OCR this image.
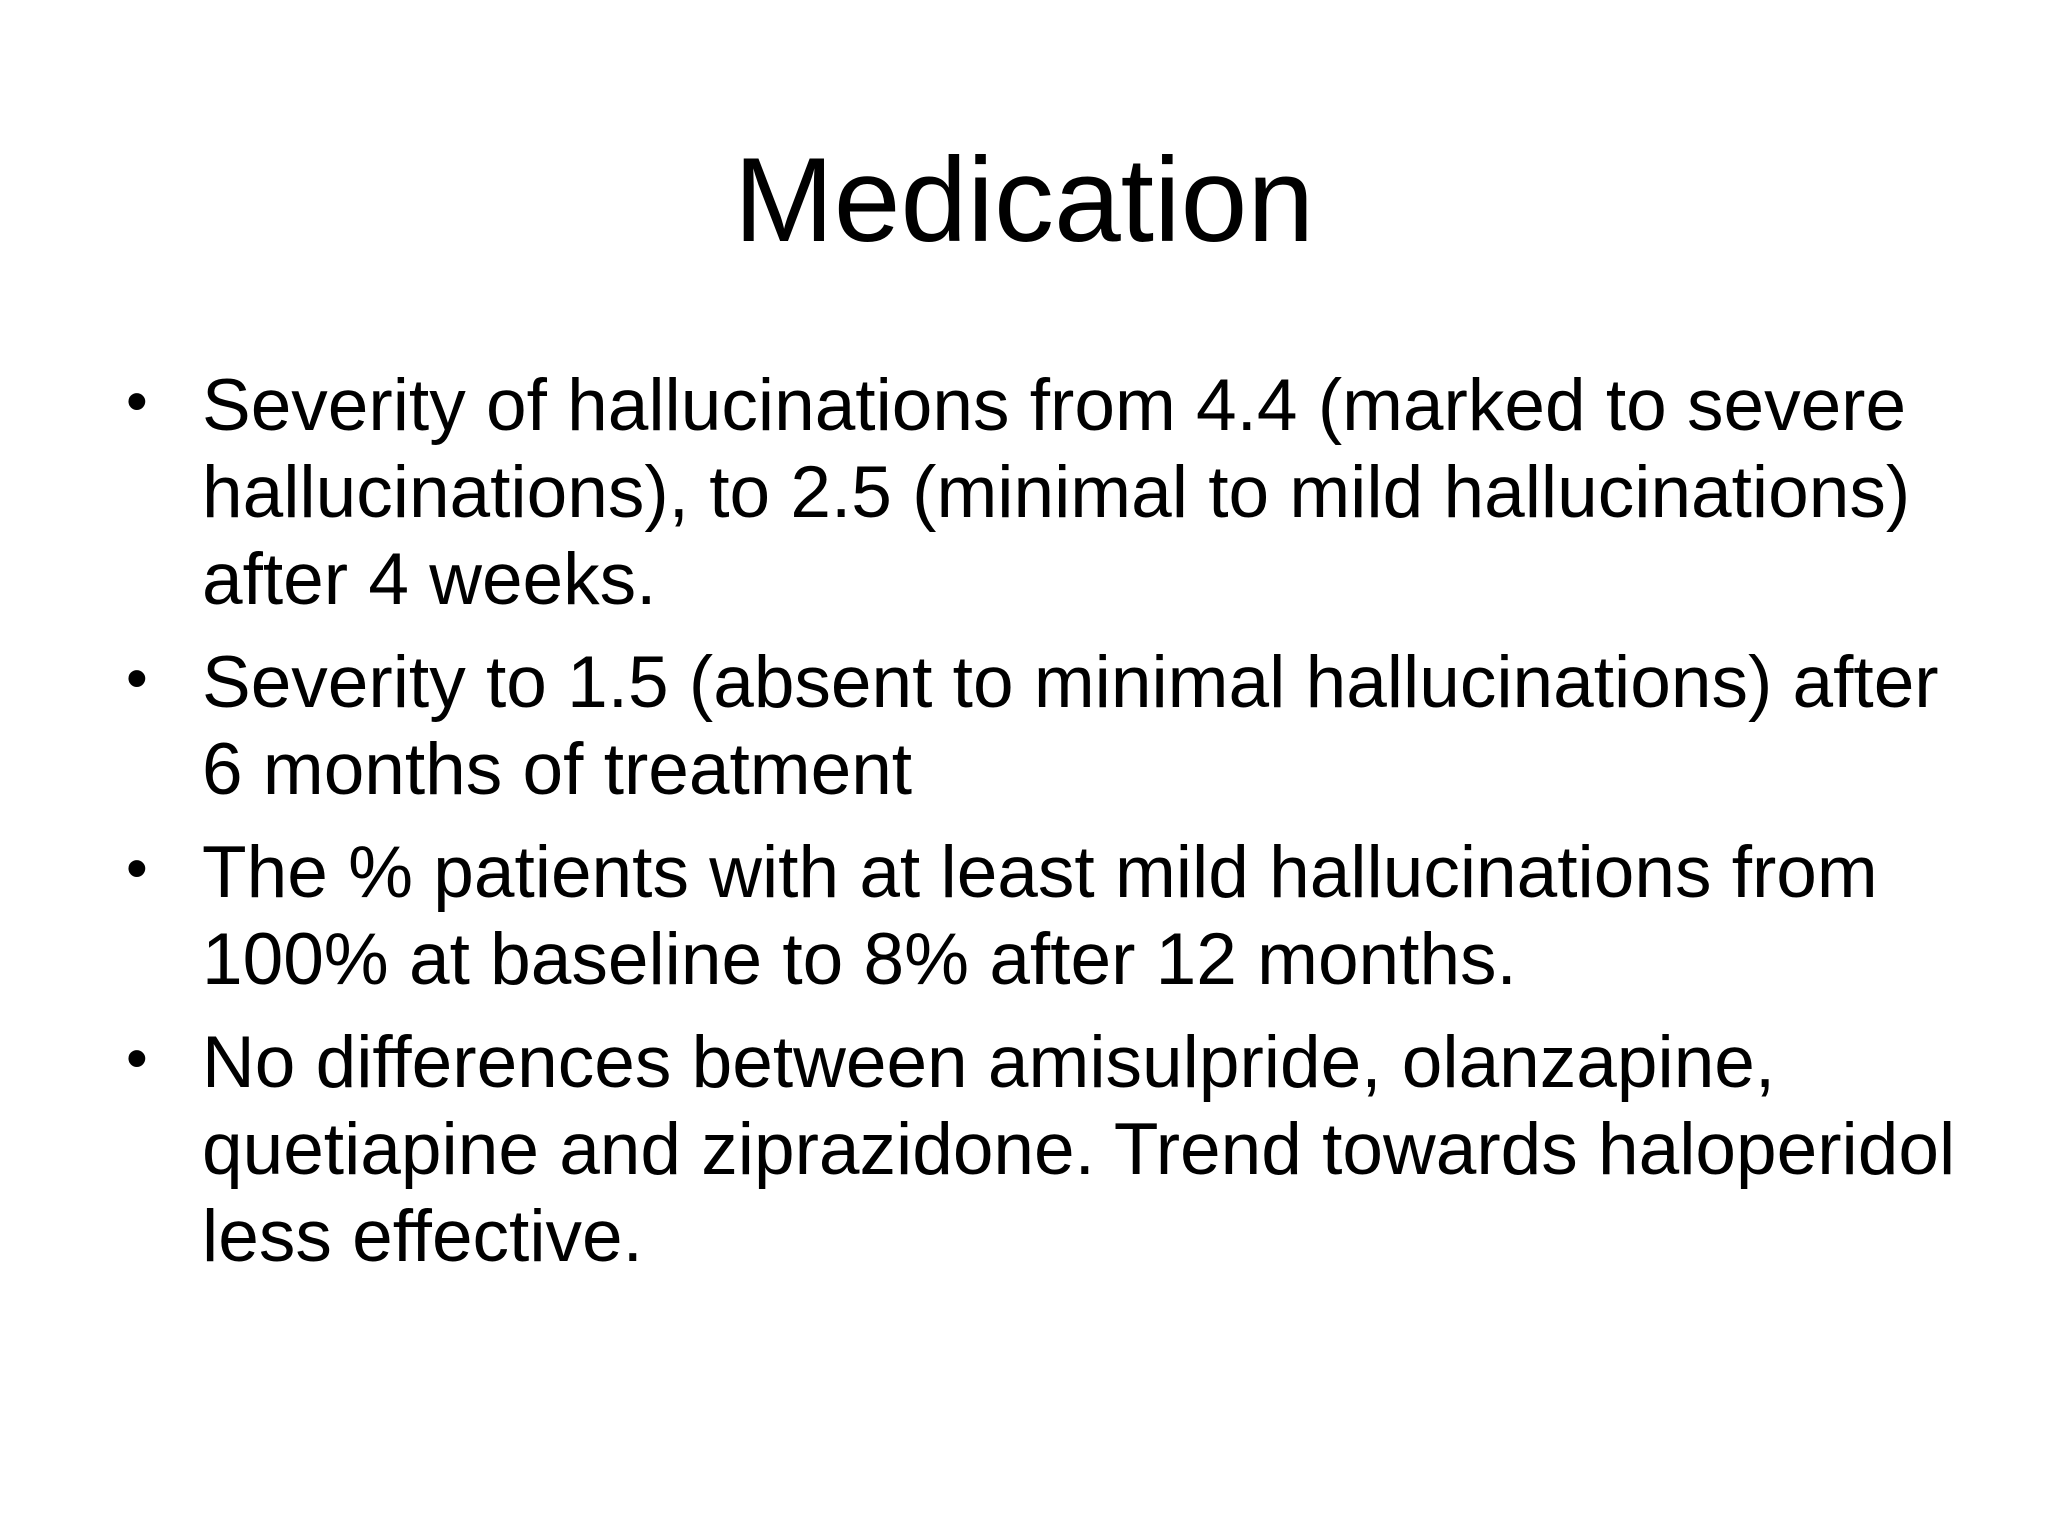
Medication
• Severity of hallucinations from 4.4 (marked to severe hallucinations), to 2.5 (minimal to mild hallucinations) after 4 weeks.
• Severity to 1.5 (absent to minimal hallucinations) after 6 months of treatment
• The % patients with at least mild hallucinations from 100% at baseline to 8% after 12 months.
• No differences between amisulpride, olanzapine, quetiapine and ziprazidone. Trend towards haloperidol less effective.
